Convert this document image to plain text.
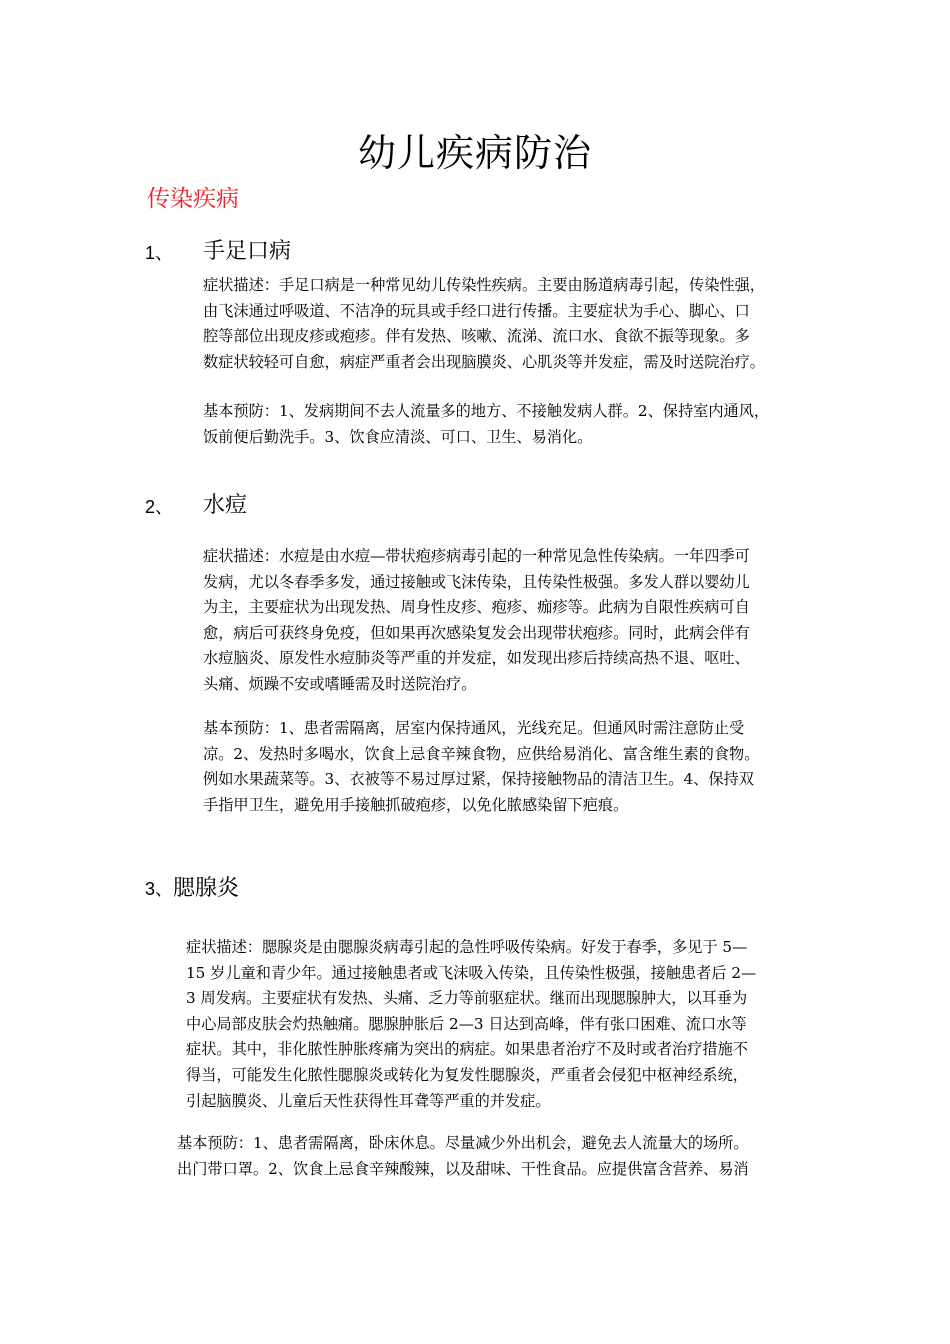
幼儿疾病防治
传染疾病
1、 手足口病
症状描述：手足口病是一种常见幼儿传染性疾病。主要由肠道病毒引起，传染性强，
由飞沫通过呼吸道、不洁净的玩具或手经口进行传播。主要症状为手心、脚心、口
腔等部位出现皮疹或疱疹。伴有发热、咳嗽、流涕、流口水、食欲不振等现象。多
数症状较轻可自愈，病症严重者会出现脑膜炎、心肌炎等并发症，需及时送院治疗。
基本预防：1、发病期间不去人流量多的地方、不接触发病人群。2、保持室内通风，
饭前便后勤洗手。3、饮食应清淡、可口、卫生、易消化。
2、 水痘
症状描述：水痘是由水痘—带状疱疹病毒引起的一种常见急性传染病。一年四季可
发病，尤以冬春季多发，通过接触或飞沫传染，且传染性极强。多发人群以婴幼儿
为主，主要症状为出现发热、周身性皮疹、疱疹、痂疹等。此病为自限性疾病可自
愈，病后可获终身免疫，但如果再次感染复发会出现带状疱疹。同时，此病会伴有
水痘脑炎、原发性水痘肺炎等严重的并发症，如发现出疹后持续高热不退、呕吐、
头痛、烦躁不安或嗜睡需及时送院治疗。
基本预防：1、患者需隔离，居室内保持通风，光线充足。但通风时需注意防止受
凉。2、发热时多喝水，饮食上忌食辛辣食物，应供给易消化、富含维生素的食物。
例如水果蔬菜等。3、衣被等不易过厚过紧，保持接触物品的清洁卫生。4、保持双
手指甲卫生，避免用手接触抓破疱疹，以免化脓感染留下疤痕。
3、腮腺炎
症状描述：腮腺炎是由腮腺炎病毒引起的急性呼吸传染病。好发于春季，多见于 5—
15 岁儿童和青少年。通过接触患者或飞沫吸入传染，且传染性极强，接触患者后 2—
3 周发病。主要症状有发热、头痛、乏力等前驱症状。继而出现腮腺肿大，以耳垂为
中心局部皮肤会灼热触痛。腮腺肿胀后 2—3 日达到高峰，伴有张口困难、流口水等
症状。其中，非化脓性肿胀疼痛为突出的病症。如果患者治疗不及时或者治疗措施不
得当，可能发生化脓性腮腺炎或转化为复发性腮腺炎，严重者会侵犯中枢神经系统，
引起脑膜炎、儿童后天性获得性耳聋等严重的并发症。
基本预防：1、患者需隔离，卧床休息。尽量减少外出机会，避免去人流量大的场所。
出门带口罩。2、饮食上忌食辛辣酸辣，以及甜味、干性食品。应提供富含营养、易消
